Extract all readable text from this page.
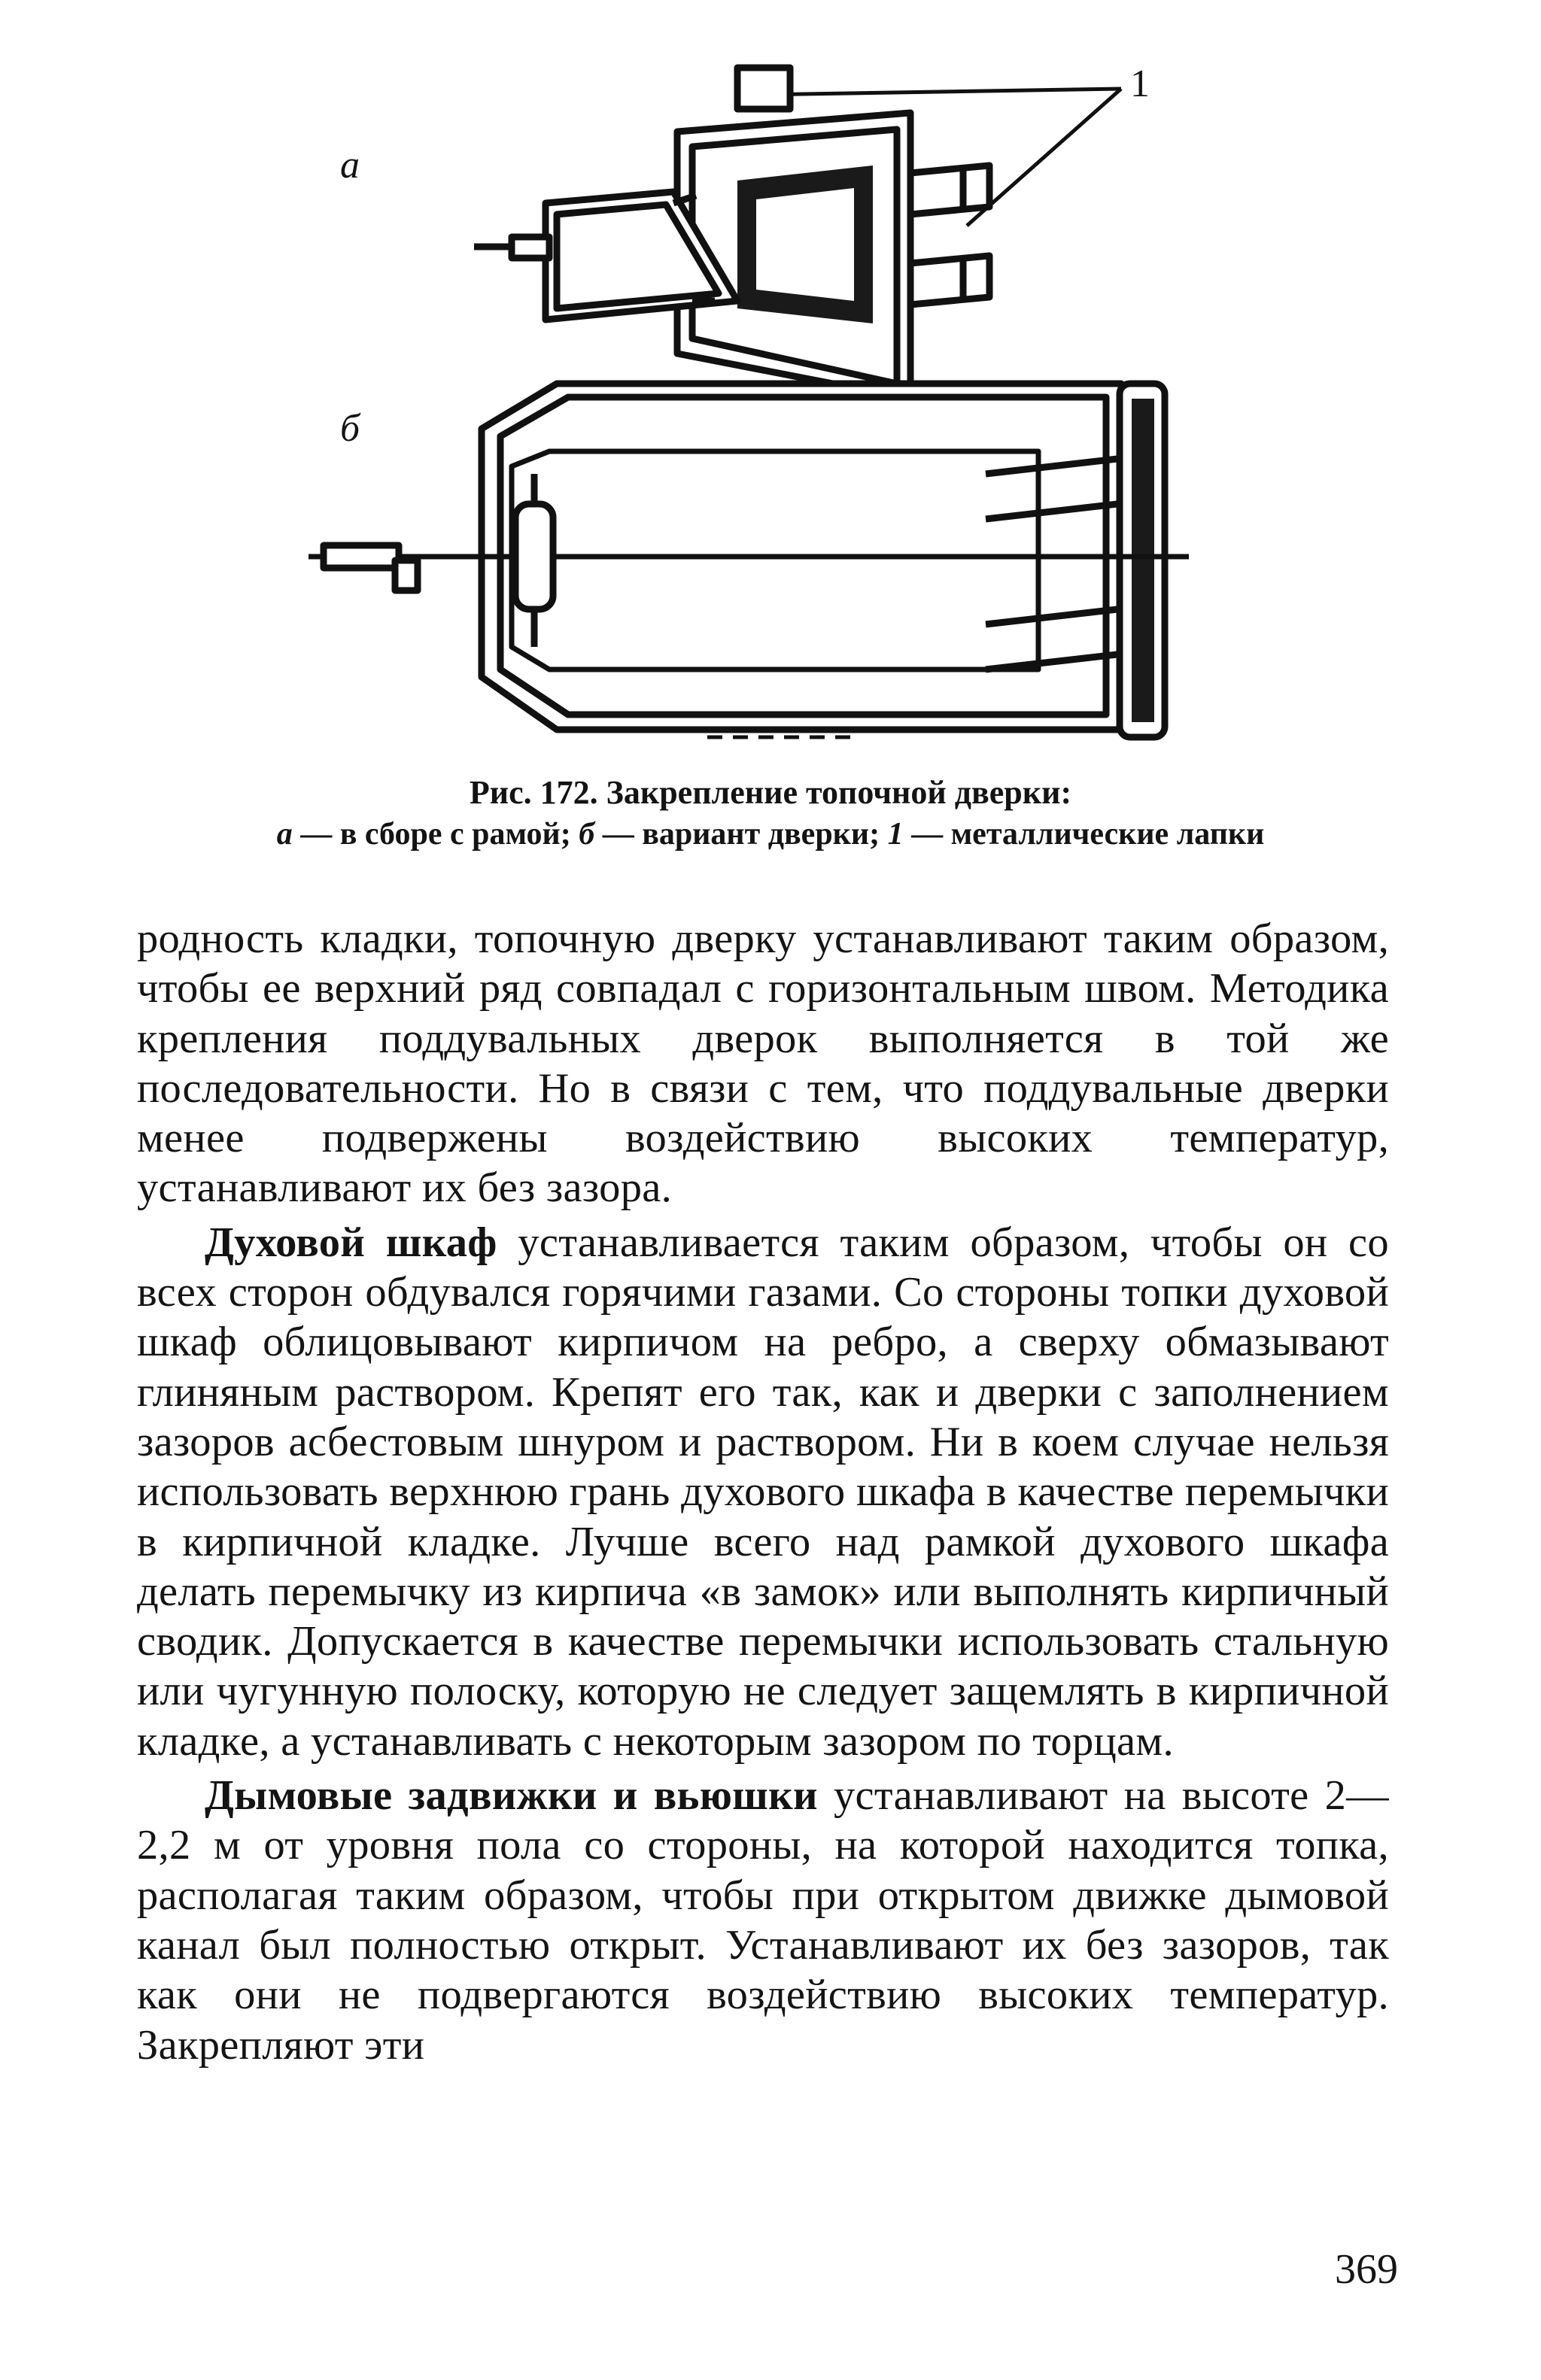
а
б
1
Рис. 172. Закрепление топочной дверки:
а — в сборе с рамой; б — вариант дверки; 1 — металлические лапки

родность кладки, топочную дверку устанавливают таким образом, чтобы ее верхний ряд совпадал с горизонтальным швом. Методика крепления поддувальных дверок выполняется в той же последовательности. Но в связи с тем, что поддувальные дверки менее подвержены воздействию высоких температур, устанавливают их без зазора.

Духовой шкаф устанавливается таким образом, чтобы он со всех сторон обдувался горячими газами. Со стороны топки духовой шкаф облицовывают кирпичом на ребро, а сверху обмазывают глиняным раствором. Крепят его так, как и дверки с заполнением зазоров асбестовым шнуром и раствором. Ни в коем случае нельзя использовать верхнюю грань духового шкафа в качестве перемычки в кирпичной кладке. Лучше всего над рамкой духового шкафа делать перемычку из кирпича «в замок» или выполнять кирпичный сводик. Допускается в качестве перемычки использовать стальную или чугунную полоску, которую не следует защемлять в кирпичной кладке, а устанавливать с некоторым зазором по торцам.

Дымовые задвижки и вьюшки устанавливают на высоте 2—2,2 м от уровня пола со стороны, на которой находится топка, располагая таким образом, чтобы при открытом движке дымовой канал был полностью открыт. Устанавливают их без зазоров, так как они не подвергаются воздействию высоких температур. Закрепляют эти

369
